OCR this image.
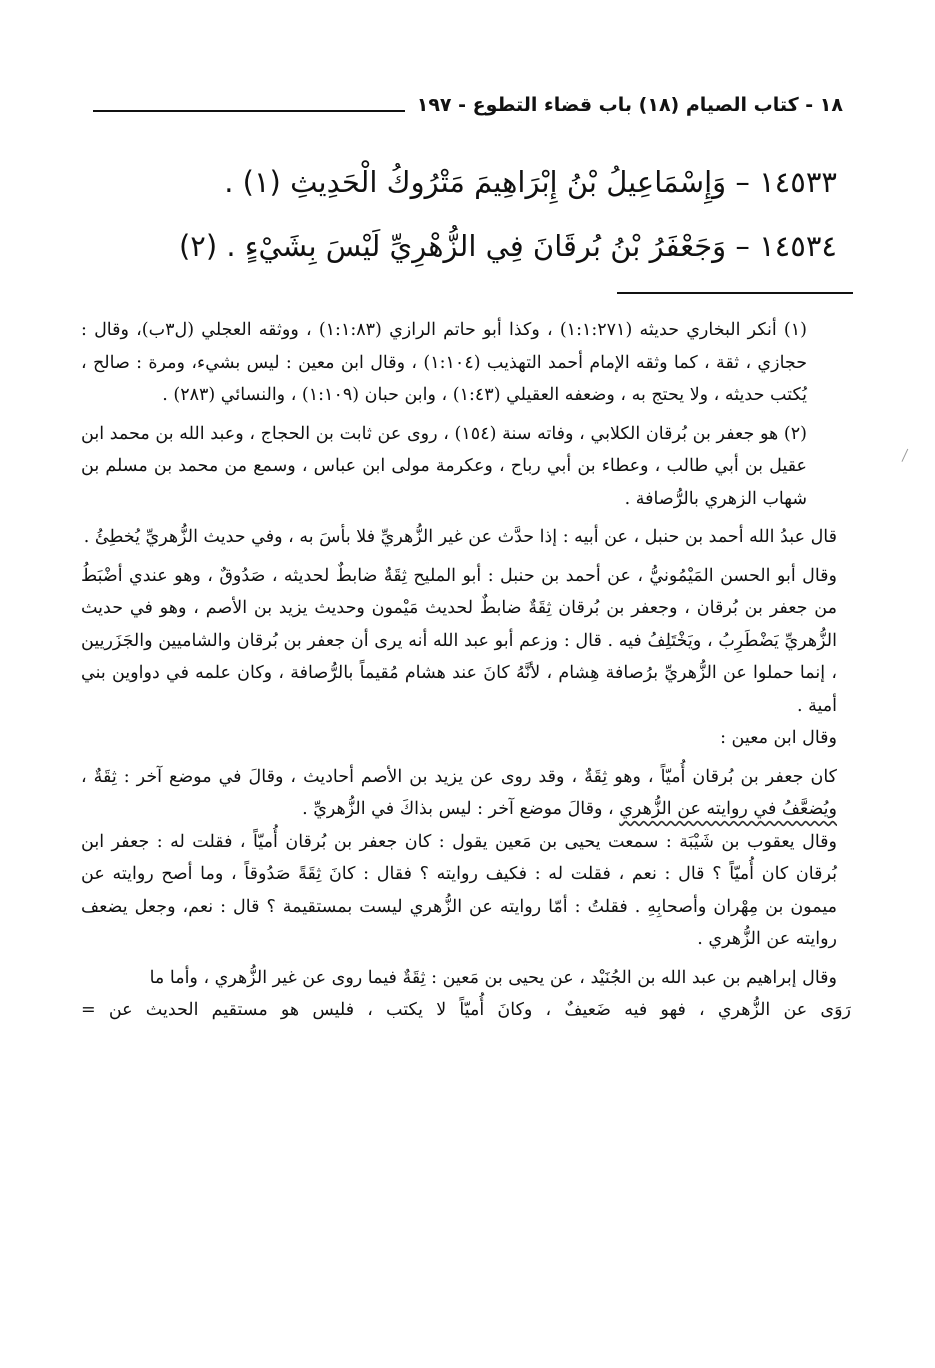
١٨ - كتاب الصيام (١٨) باب قضاء التطوع - ١٩٧
١٤٥٣٣ – وَإِسْمَاعِيلُ بْنُ إِبْرَاهِيمَ مَتْرُوكُ الْحَدِيثِ (١) .
١٤٥٣٤ – وَجَعْفَرُ بْنُ بُرقَانَ فِي الزُّهْرِيِّ لَيْسَ بِشَيْءٍ . (٢)

(١) أنكر البخاري حديثه (١:١:٢٧١) ، وكذا أبو حاتم الرازي (١:١:٨٣) ، ووثقه العجلي (ل٣ب)، وقال : حجازي ، ثقة ، كما وثقه الإمام أحمد التهذيب (١:١٠٤) ، وقال ابن معين : ليس بشيء، ومرة : صالح ، يُكتب حديثه ، ولا يحتج به ، وضعفه العقيلي (١:٤٣) ، وابن حبان (١:١٠٩) ، والنسائي (٢٨٣) .

(٢) هو جعفر بن بُرقان الكلابي ، وفاته سنة (١٥٤) ، روى عن ثابت بن الحجاج ، وعبد الله بن محمد ابن عقيل بن أبي طالب ، وعطاء بن أبي رباح ، وعكرمة مولى ابن عباس ، وسمع من محمد بن مسلم بن شهاب الزهري بالرُّصافة .

قال عبدُ الله أحمد بن حنبل ، عن أبيه : إذا حدَّث عن غير الزُّهريِّ فلا بأسَ به ، وفي حديث الزُّهريِّ يُخطِئُ .

وقال أبو الحسن المَيْمُونيُّ ، عن أحمد بن حنبل : أبو المليح ثِقَةٌ ضابطٌ لحديثه ، صَدُوقٌ ، وهو عندي أضْبَطُ من جعفر بن بُرقان ، وجعفر بن بُرقان ثِقَةٌ ضابطٌ لحديث مَيْمون وحديث يزيد بن الأصم ، وهو في حديث الزُّهريِّ يَضْطَرِبُ ، ويَخْتَلِفُ فيه . قال : وزعم أبو عبد الله أنه يرى أن جعفر بن بُرقان والشاميين والجَزَريين ، إنما حملوا عن الزُّهريِّ برُصافة هِشام ، لأنَّهُ كانَ عند هشام مُقيماً بالرُّصافة ، وكان علمه في دواوين بني أمية .

وقال ابن معين :

كان جعفر بن بُرقان أُميّاً ، وهو ثِقَةٌ ، وقد روى عن يزيد بن الأصم أحاديث ، وقالَ في موضع آخر : ثِقَةٌ ، ويُضعَّفُ في روايته عن الزُّهري ، وقالَ موضع آخر : ليس بذاكَ في الزُّهريِّ .

وقال يعقوب بن شَيْبَة : سمعت يحيى بن مَعين يقول : كان جعفر بن بُرقان أُميّاً ، فقلت له : جعفر ابن بُرقان كان أُميّاً ؟ قال : نعم ، فقلت له : فكيف روايته ؟ فقال : كانَ ثِقَةً صَدُوقاً ، وما أصح روايته عن ميمون بن مِهْران وأصحابِهِ . فقلتُ : أمّا روايته عن الزُّهري ليست بمستقيمة ؟ قال : نعم، وجعل يضعف روايته عن الزُّهري .

وقال إبراهيم بن عبد الله بن الجُنَيْد ، عن يحيى بن مَعين : ثِقَةٌ فيما روى عن غير الزُّهري ، وأما ما

رَوَى عن الزُّهري ، فهو فيه ضَعيفٌ ، وكانَ أُميّاً لا يكتب ، فليس هو مستقيم الحديث عن =
